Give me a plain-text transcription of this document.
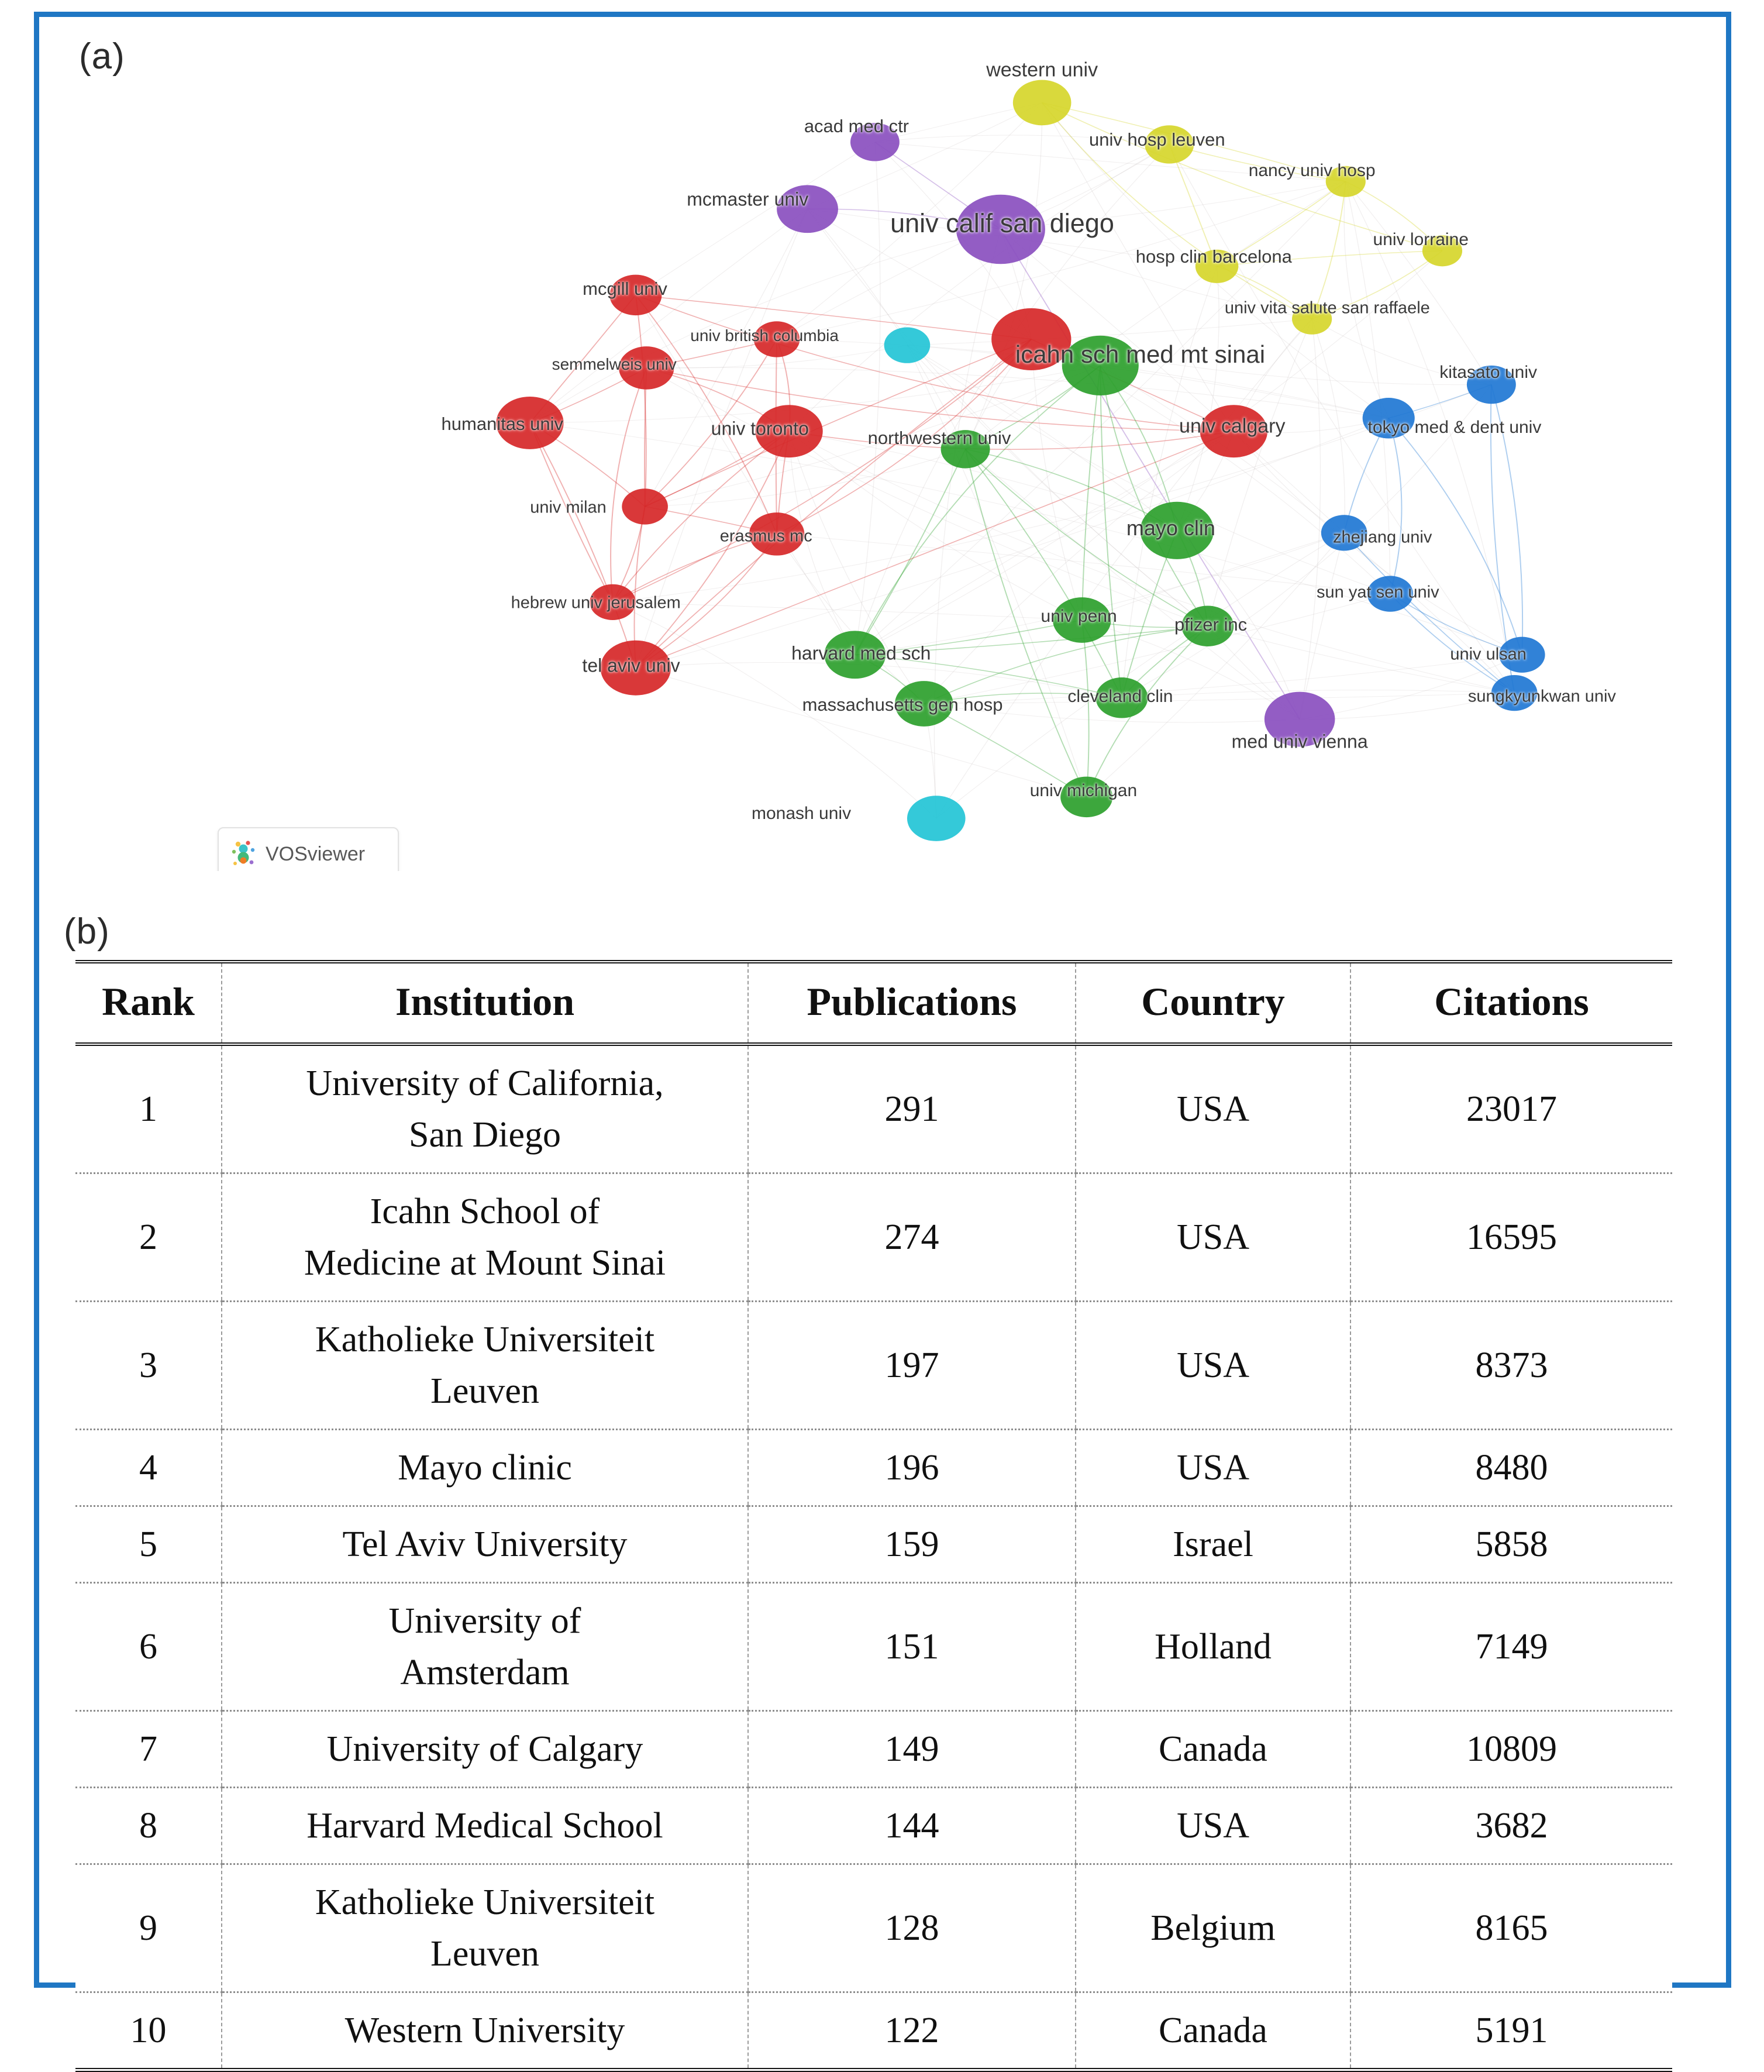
(a)	western univ
acad med ctr
univ hosp leuven
nancy univ hosp
mcmaster univ
univ calif san diego
univ lorraine
hosp clin barcelona
mcgill univ
univ vita salute san raffaele
univ british columbia
icahn sch med mt sinai
semmelweis univ	kitasato univ
humanitas univ	univ toronto	northwestern univ
univ calgary	tokyo med & dent univ
univ milan
erasmus mc	mayo clin	zhejiang univ
sun yat sen univ
hebrew univ jerusalem
univ penn	pfizer inc
harvard med sch	univ ulsan
tel aviv univ
sungkyunkwan univ
massachusetts gen hosp	cleveland clin
med univ vienna
univ michigan
monash univ
VOSviewer
(b)
Rank	Institution	Publications	Country	Citations
1	University of California,
San Diego	291	USA	23017
2	Icahn School of
Medicine at Mount Sinai	274	USA	16595
3	Katholieke Universiteit
Leuven	197	USA	8373
4	Mayo clinic	196	USA	8480
5	Tel Aviv University	159	Israel	5858
6	University of
Amsterdam	151	Holland	7149
7	University of Calgary	149	Canada	10809
8	Harvard Medical School	144	USA	3682
9	Katholieke Universiteit
Leuven	128	Belgium	8165
10	Western University	122	Canada	5191
